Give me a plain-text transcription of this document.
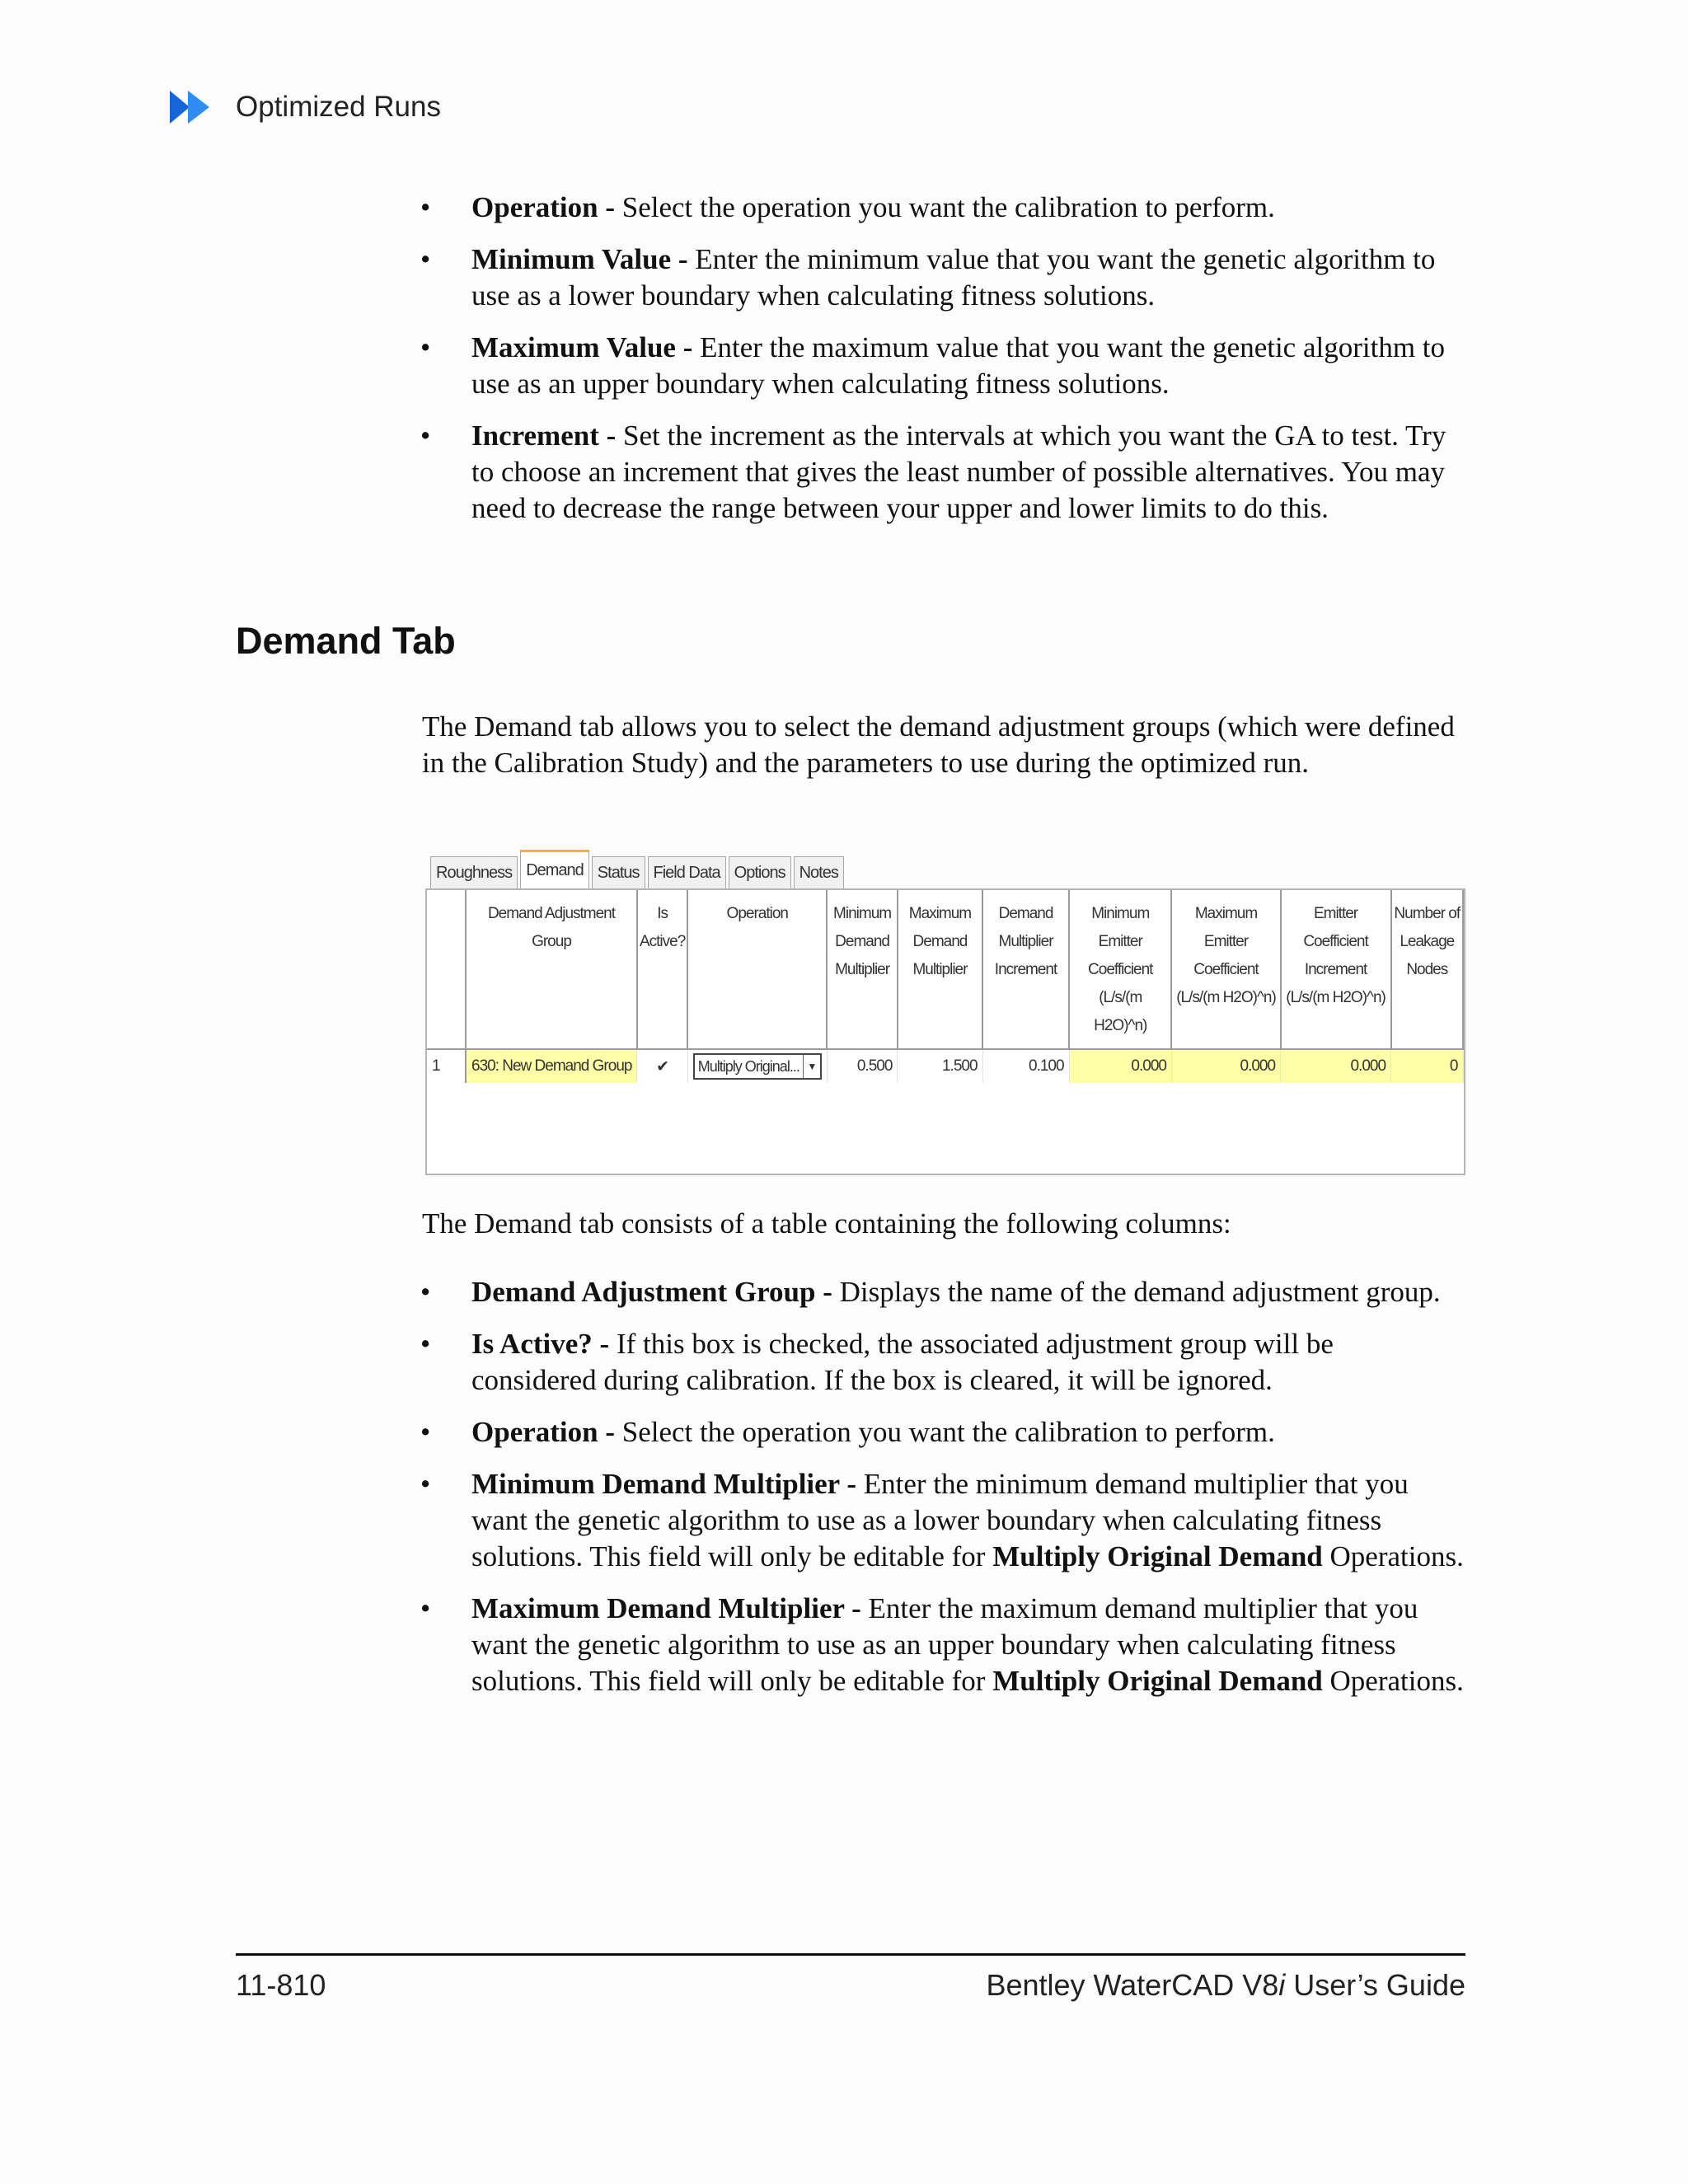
Optimized Runs
• Operation - Select the operation you want the calibration to perform.
• Minimum Value - Enter the minimum value that you want the genetic algorithm to use as a lower boundary when calculating fitness solutions.
• Maximum Value - Enter the maximum value that you want the genetic algorithm to use as an upper boundary when calculating fitness solutions.
• Increment - Set the increment as the intervals at which you want the GA to test. Try to choose an increment that gives the least number of possible alternatives. You may need to decrease the range between your upper and lower limits to do this.
Demand Tab
The Demand tab allows you to select the demand adjustment groups (which were defined in the Calibration Study) and the parameters to use during the optimized run.
Roughness Demand Status Field Data Options Notes
	Demand Adjustment Group	Is Active?	Operation	Minimum Demand Multiplier	Maximum Demand Multiplier	Demand Multiplier Increment	Minimum Emitter Coefficient (L/s/(m H2O)^n)	Maximum Emitter Coefficient (L/s/(m H2O)^n)	Emitter Coefficient Increment (L/s/(m H2O)^n)	Number of Leakage Nodes
1	630: New Demand Group	✔	Multiply Original... ▼	0.500	1.500	0.100	0.000	0.000	0.000	0
The Demand tab consists of a table containing the following columns:
• Demand Adjustment Group - Displays the name of the demand adjustment group.
• Is Active? - If this box is checked, the associated adjustment group will be considered during calibration. If the box is cleared, it will be ignored.
• Operation - Select the operation you want the calibration to perform.
• Minimum Demand Multiplier - Enter the minimum demand multiplier that you want the genetic algorithm to use as a lower boundary when calculating fitness solutions. This field will only be editable for Multiply Original Demand Operations.
• Maximum Demand Multiplier - Enter the maximum demand multiplier that you want the genetic algorithm to use as an upper boundary when calculating fitness solutions. This field will only be editable for Multiply Original Demand Operations.
11-810	Bentley WaterCAD V8i User’s Guide
